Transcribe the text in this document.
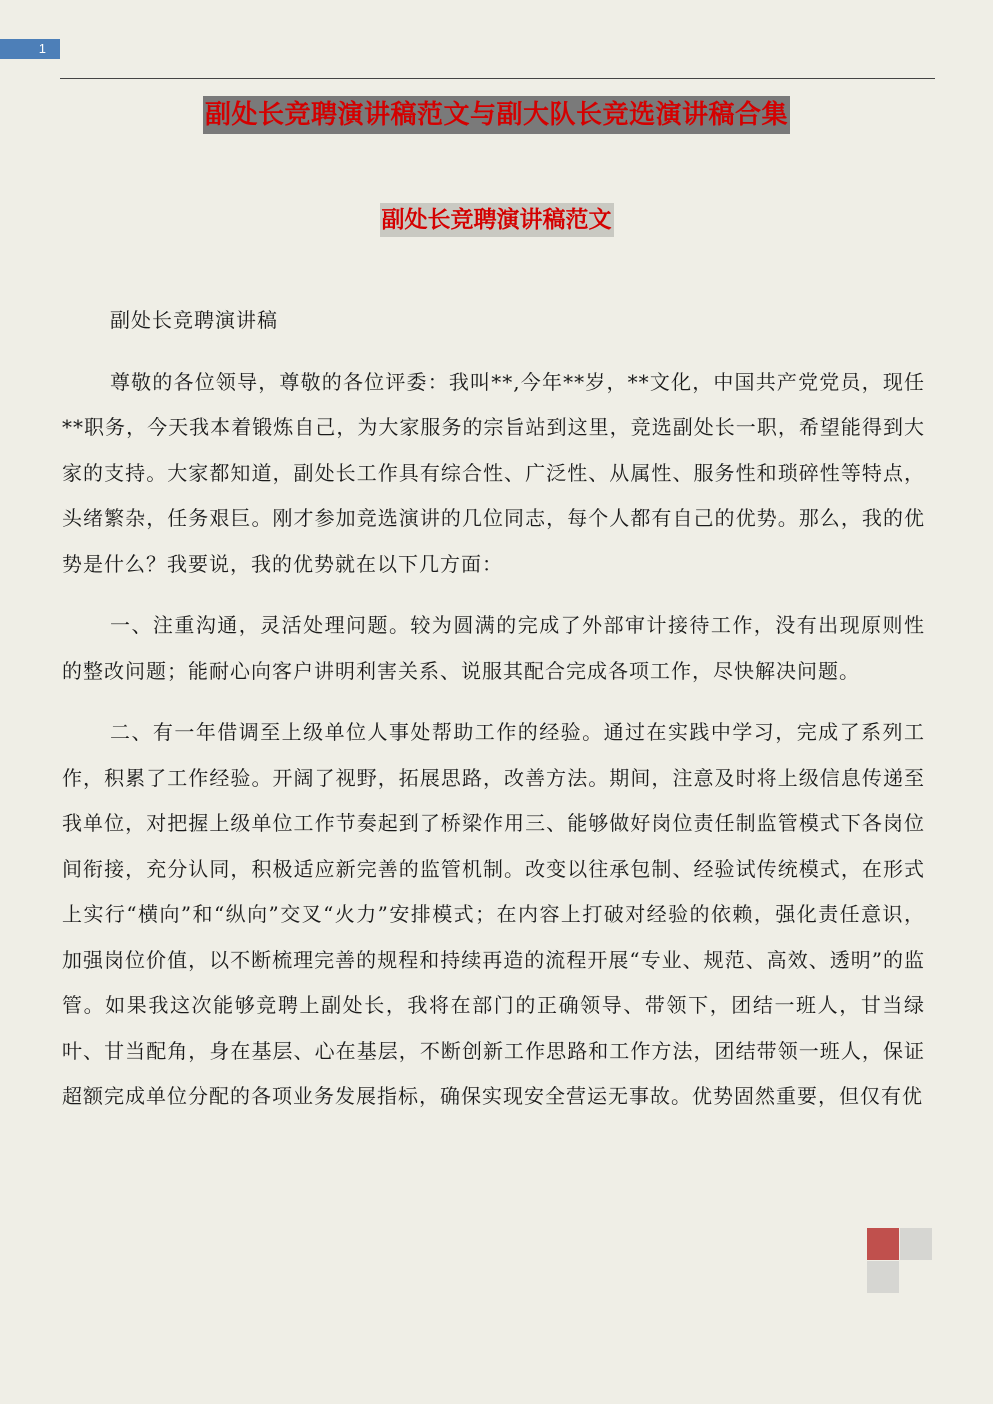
1
副处长竞聘演讲稿范文与副大队长竞选演讲稿合集
副处长竞聘演讲稿范文

副处长竞聘演讲稿

尊敬的各位领导，尊敬的各位评委：我叫**,今年**岁，**文化，中国共产党党员，现任**职务，今天我本着锻炼自己，为大家服务的宗旨站到这里，竞选副处长一职，希望能得到大家的支持。大家都知道，副处长工作具有综合性、广泛性、从属性、服务性和琐碎性等特点，头绪繁杂，任务艰巨。刚才参加竞选演讲的几位同志，每个人都有自己的优势。那么，我的优势是什么？我要说，我的优势就在以下几方面：

一、注重沟通，灵活处理问题。较为圆满的完成了外部审计接待工作，没有出现原则性的整改问题；能耐心向客户讲明利害关系、说服其配合完成各项工作，尽快解决问题。

二、有一年借调至上级单位人事处帮助工作的经验。通过在实践中学习，完成了系列工作，积累了工作经验。开阔了视野，拓展思路，改善方法。期间，注意及时将上级信息传递至我单位，对把握上级单位工作节奏起到了桥梁作用三、能够做好岗位责任制监管模式下各岗位间衔接，充分认同，积极适应新完善的监管机制。改变以往承包制、经验试传统模式，在形式上实行“横向”和“纵向”交叉“火力”安排模式；在内容上打破对经验的依赖，强化责任意识，加强岗位价值，以不断梳理完善的规程和持续再造的流程开展“专业、规范、高效、透明”的监管。如果我这次能够竞聘上副处长，我将在部门的正确领导、带领下，团结一班人，甘当绿叶、甘当配角，身在基层、心在基层，不断创新工作思路和工作方法，团结带领一班人，保证超额完成单位分配的各项业务发展指标，确保实现安全营运无事故。优势固然重要，但仅有优
